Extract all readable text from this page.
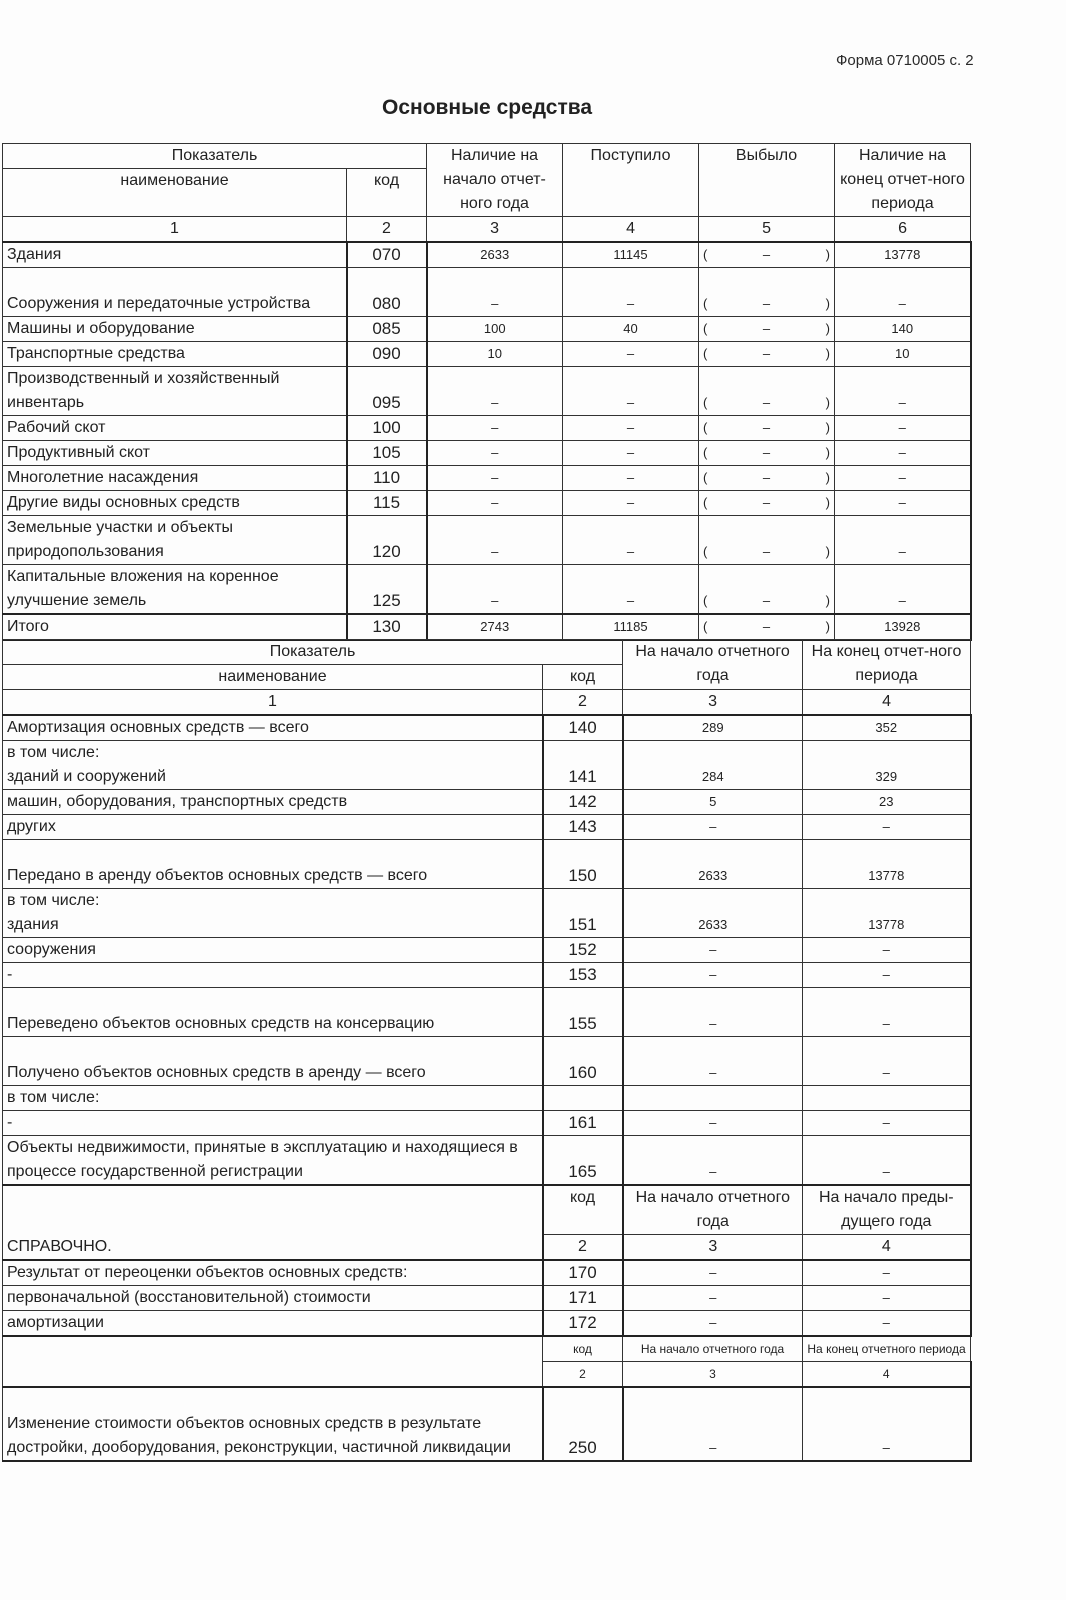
Форма 0710005 с. 2
Основные средства
Показатель		Наличие на начало отчет-ного года	Поступило	Выбыло	Наличие на конец отчет-ного периода
наименование	код				
1	2	3	4	5	6
Здания	070	2633	11145	( – )	13778
Сооружения и передаточные устройства	080	–	–	( – )	–
Машины и оборудование	085	100	40	( – )	140
Транспортные средства	090	10	–	( – )	10
Производственный и хозяйственный инвентарь	095	–	–	( – )	–
Рабочий скот	100	–	–	( – )	–
Продуктивный скот	105	–	–	( – )	–
Многолетние насаждения	110	–	–	( – )	–
Другие виды основных средств	115	–	–	( – )	–
Земельные участки и объекты природопользования	120	–	–	( – )	–
Капитальные вложения на коренное улучшение земель	125	–	–	( – )	–
Итого	130	2743	11185	( – )	13928
Показатель		На начало отчетного года	На конец отчет-ного периода
наименование	код		
1	2	3	4
Амортизация основных средств — всего	140	289	352

в том числе:
зданий и сооружений	141	284	329
машин, оборудования, транспортных средств	142	5	23
других	143	–	–
Передано в аренду объектов основных средств — всего	150	2633	13778

в том числе:
здания	151	2633	13778
сооружения	152	–	–
-	153	–	–
Переведено объектов основных средств на консервацию	155	–	–
Получено объектов основных средств в аренду — всего	160	–	–
в том числе:			
-	161	–	–
Объекты недвижимости, принятые в эксплуатацию и находящиеся в процессе государственной регистрации	165	–	–
СПРАВОЧНО.	код	На начало отчетного года	На начало преды-дущего года
	2	3	4
Результат от переоценки объектов основных средств:	170	–	–
первоначальной (восстановительной) стоимости	171	–	–
амортизации	172	–	–
	код	На начало отчетного года	На конец отчетного периода
	2	3	4
Изменение стоимости объектов основных средств в результате достройки, дооборудования, реконструкции, частичной ликвидации	250	–	–
